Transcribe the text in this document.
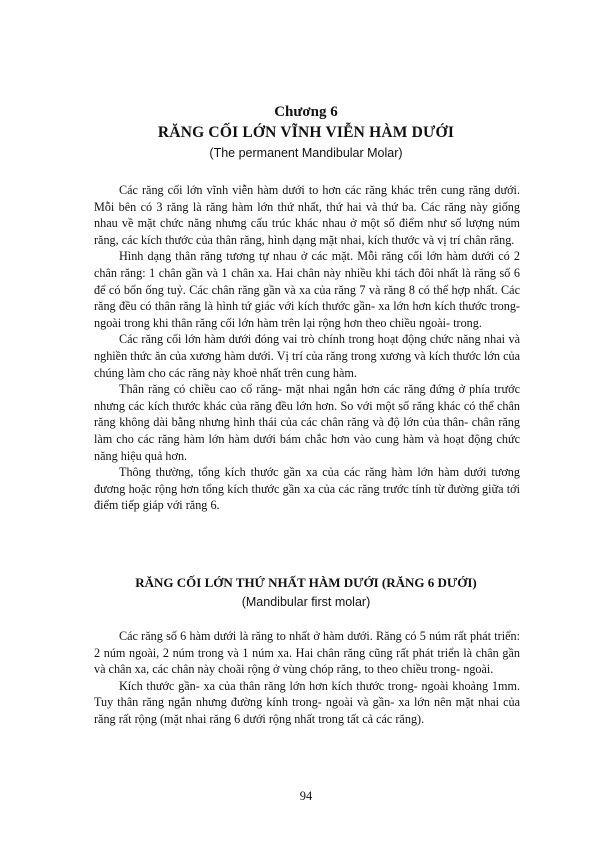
Chương 6
RĂNG CỐI LỚN VĨNH VIỄN HÀM DƯỚI
(The permanent Mandibular Molar)

Các răng cối lớn vĩnh viễn hàm dưới to hơn các răng khác trên cung răng dưới. Mỗi bên có 3 răng là răng hàm lớn thứ nhất, thứ hai và thứ ba. Các răng này giống nhau về mặt chức năng nhưng cấu trúc khác nhau ở một số điểm như số lượng núm răng, các kích thước của thân răng, hình dạng mặt nhai, kích thước và vị trí chân răng.

Hình dạng thân răng tương tự nhau ở các mặt. Mỗi răng cối lớn hàm dưới có 2 chân răng: 1 chân gần và 1 chân xa. Hai chân này nhiều khi tách đôi nhất là răng số 6 để có bốn ống tuỷ. Các chân răng gần và xa của răng 7 và răng 8 có thể hợp nhất. Các răng đều có thân răng là hình tứ giác với kích thước gần- xa lớn hơn kích thước trong- ngoài trong khi thân răng cối lớn hàm trên lại rộng hơn theo chiều ngoài- trong.

Các răng cối lớn hàm dưới đóng vai trò chính trong hoạt động chức năng nhai và nghiền thức ăn của xương hàm dưới. Vị trí của răng trong xương và kích thước lớn của chúng làm cho các răng này khoẻ nhất trên cung hàm.

Thân răng có chiều cao cổ răng- mặt nhai ngắn hơn các răng đứng ở phía trước nhưng các kích thước khác của răng đều lớn hơn. So với một số răng khác có thể chân răng không dài bằng nhưng hình thái của các chân răng và độ lớn của thân- chân răng làm cho các răng hàm lớn hàm dưới bám chắc hơn vào cung hàm và hoạt động chức năng hiệu quả hơn.

Thông thường, tổng kích thước gần xa của các răng hàm lớn hàm dưới tương đương hoặc rộng hơn tổng kích thước gần xa của các răng trước tính từ đường giữa tới điểm tiếp giáp với răng 6.

RĂNG CỐI LỚN THỨ NHẤT HÀM DƯỚI (RĂNG 6 DƯỚI)
(Mandibular first molar)

Các răng số 6 hàm dưới là răng to nhất ở hàm dưới. Răng có 5 núm rất phát triển: 2 núm ngoài, 2 núm trong và 1 núm xa. Hai chân răng cũng rất phát triển là chân gần và chân xa, các chân này choãi rộng ở vùng chóp răng, to theo chiều trong- ngoài.

Kích thước gần- xa của thân răng lớn hơn kích thước trong- ngoài khoảng 1mm. Tuy thân răng ngắn nhưng đường kính trong- ngoài và gần- xa lớn nên mặt nhai của răng rất rộng (mặt nhai răng 6 dưới rộng nhất trong tất cả các răng).

94
